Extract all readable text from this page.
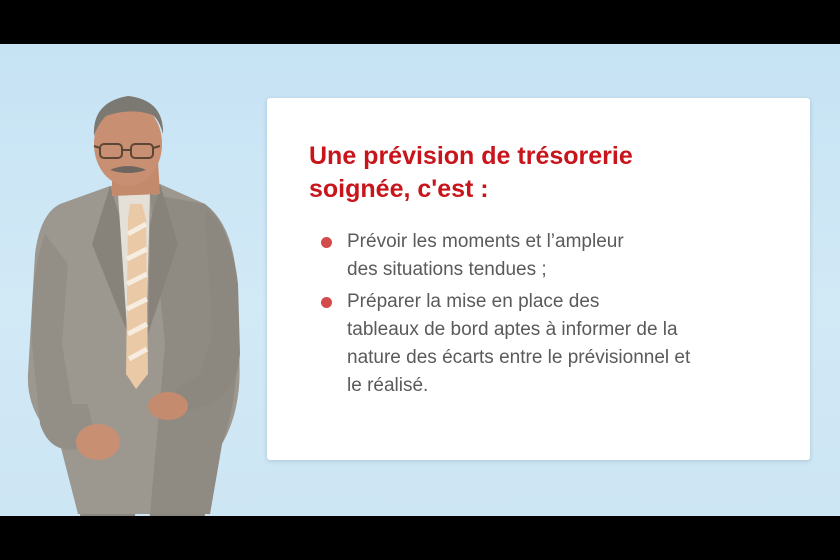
Une prévision de trésorerie
soignée, c'est :
Prévoir les moments et l’ampleur
des situations tendues ;
Préparer la mise en place des
tableaux de bord aptes à informer de la
nature des écarts entre le prévisionnel et
le réalisé.
